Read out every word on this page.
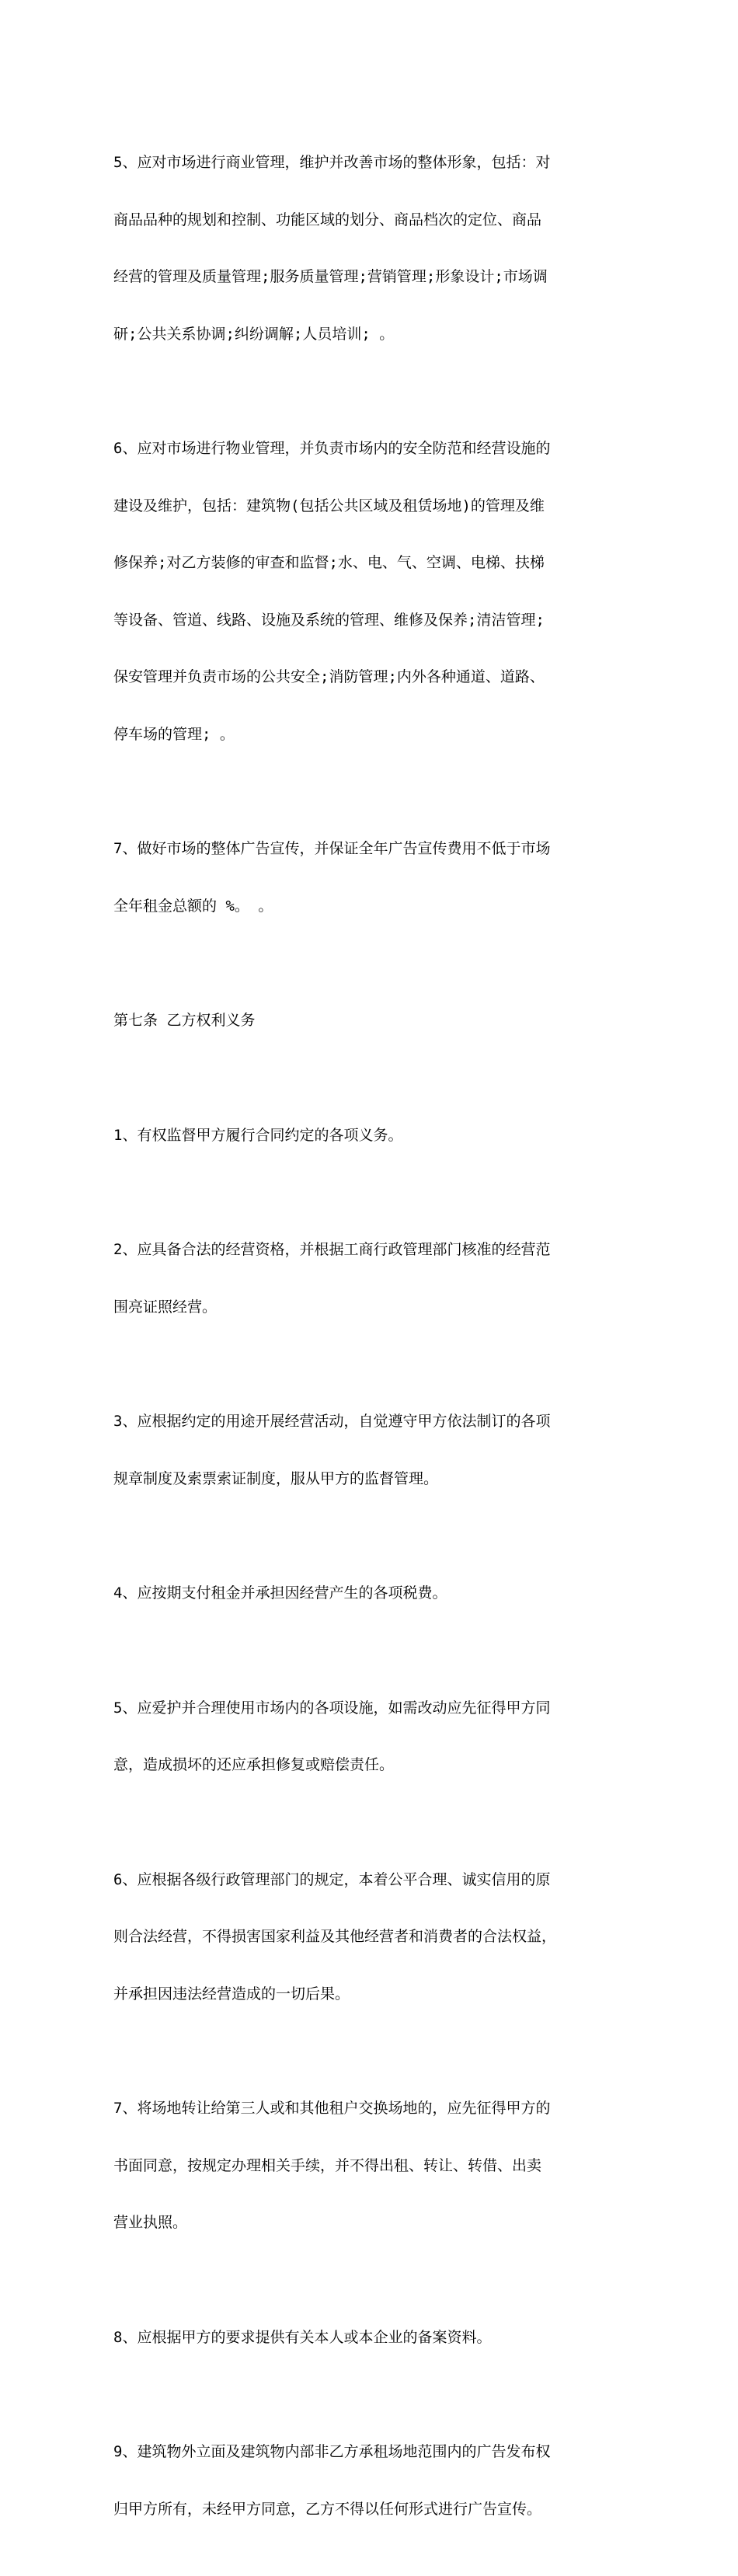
5、应对市场进行商业管理，维护并改善市场的整体形象，包括：对

商品品种的规划和控制、功能区域的划分、商品档次的定位、商品

经营的管理及质量管理;服务质量管理;营销管理;形象设计;市场调

研;公共关系协调;纠纷调解;人员培训; 。

6、应对市场进行物业管理，并负责市场内的安全防范和经营设施的

建设及维护，包括：建筑物(包括公共区域及租赁场地)的管理及维

修保养;对乙方装修的审查和监督;水、电、气、空调、电梯、扶梯

等设备、管道、线路、设施及系统的管理、维修及保养;清洁管理;

保安管理并负责市场的公共安全;消防管理;内外各种通道、道路、

停车场的管理; 。

7、做好市场的整体广告宣传，并保证全年广告宣传费用不低于市场

全年租金总额的 %。 。

第七条 乙方权利义务

1、有权监督甲方履行合同约定的各项义务。

2、应具备合法的经营资格，并根据工商行政管理部门核准的经营范

围亮证照经营。

3、应根据约定的用途开展经营活动，自觉遵守甲方依法制订的各项

规章制度及索票索证制度，服从甲方的监督管理。

4、应按期支付租金并承担因经营产生的各项税费。

5、应爱护并合理使用市场内的各项设施，如需改动应先征得甲方同

意，造成损坏的还应承担修复或赔偿责任。

6、应根据各级行政管理部门的规定，本着公平合理、诚实信用的原

则合法经营，不得损害国家利益及其他经营者和消费者的合法权益，

并承担因违法经营造成的一切后果。

7、将场地转让给第三人或和其他租户交换场地的，应先征得甲方的

书面同意，按规定办理相关手续，并不得出租、转让、转借、出卖

营业执照。

8、应根据甲方的要求提供有关本人或本企业的备案资料。

9、建筑物外立面及建筑物内部非乙方承租场地范围内的广告发布权

归甲方所有，未经甲方同意，乙方不得以任何形式进行广告宣传。
